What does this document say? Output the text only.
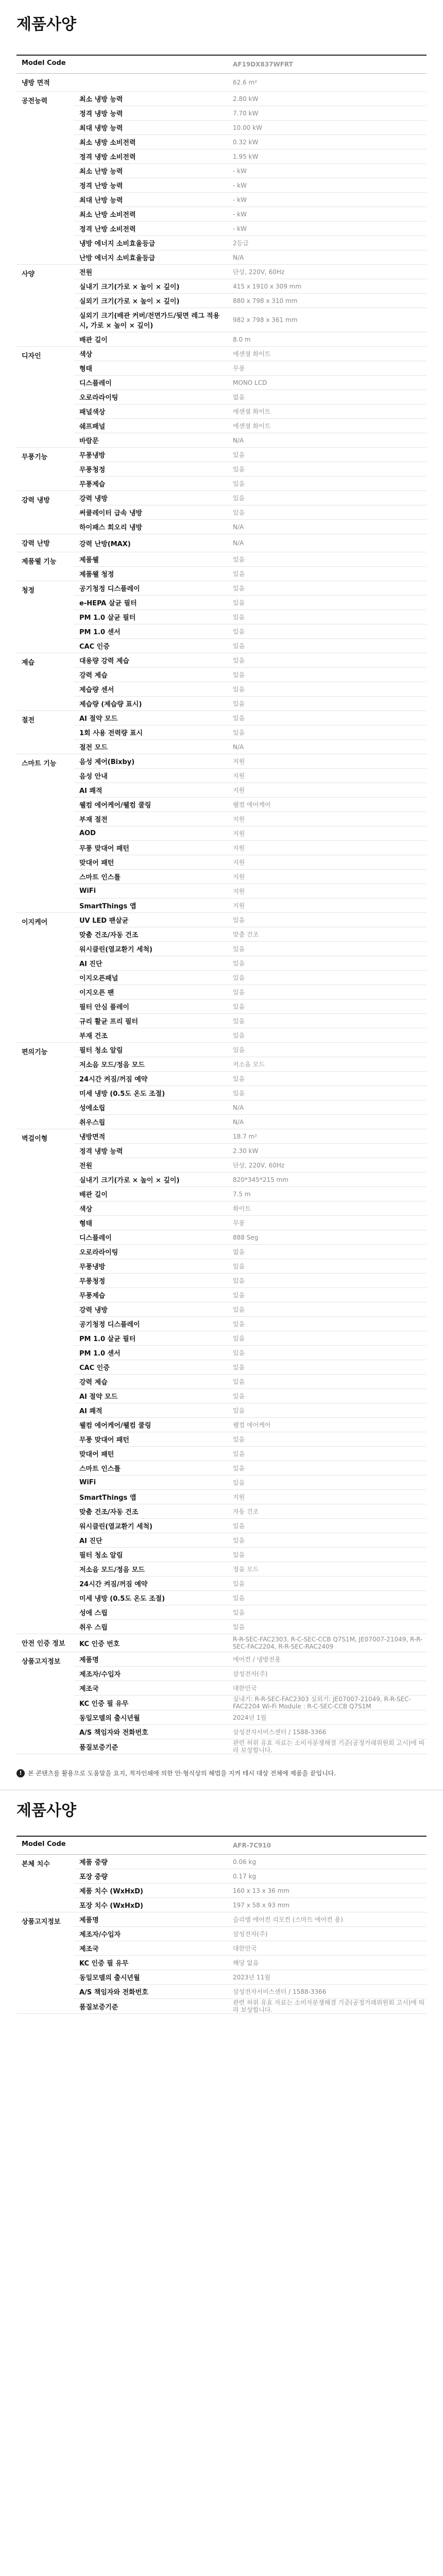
제품사양
Model Code		AF19DX837WFRT
냉방 면적		62.6 m²
공전능력	최소 냉방 능력	2.80 kW
	정격 냉방 능력	7.70 kW
	최대 냉방 능력	10.00 kW
	최소 냉방 소비전력	0.32 kW
	정격 냉방 소비전력	1.95 kW
	최소 난방 능력	- kW
	정격 난방 능력	- kW
	최대 난방 능력	- kW
	최소 난방 소비전력	- kW
	정격 난방 소비전력	- kW
	냉방 에너지 소비효율등급	2등급
	난방 에너지 소비효율등급	N/A
사양	전원	단상, 220V, 60Hz
	실내기 크기(가로 × 높이 × 깊이)	415 x 1910 x 309 mm
	실외기 크기(가로 × 높이 × 깊이)	880 x 798 x 310 mm
	실외기 크기(배관 커버/전면가드/뒷면 레그 적용 시, 가로 × 높이 × 깊이)	982 x 798 x 361 mm
	배관 길이	8.0 m
디자인	색상	에센셜 화이트
	형태	무풍
	디스플레이	MONO LCD
	오로라라이팅	없음
	패널색상	에센셜 화이트
	쉐프패널	에센셜 화이트
	바람문	N/A
무풍기능	무풍냉방	있음
	무풍청정	있음
	무풍제습	있음
강력 냉방	강력 냉방	있음
	써큘레이터 급속 냉방	있음
	하이패스 회오리 냉방	N/A
강력 난방	강력 난방(MAX)	N/A
제품웰 기능	제품웰	있음
	제품웰 청정	있음
청정	공기청정 디스플레이	있음
	e-HEPA 살균 필터	있음
	PM 1.0 살균 필터	있음
	PM 1.0 센서	있음
	CAC 인증	있음
제습	대용량 강력 제습	있음
	강력 제습	있음
	제습량 센서	있음
	제습량 (제습량 표시)	있음
절전	AI 절약 모드	있음
	1회 사용 전력량 표시	있음
	절전 모드	N/A
스마트 기능	음성 제어(Bixby)	지원
	음성 안내	지원
	AI 쾌적	지원
	웰컴 에어케어/웰컴 쿨링	웰컴 에어케어
	부재 절전	지원
	AOD	지원
	무풍 맞대어 패턴	지원
	맞대어 패턴	지원
	스마트 인스톨	지원
	WiFi	지원
	SmartThings 앱	지원
이지케어	UV LED 팬살균	있음
	맞춤 건조/자동 건조	맞춤 건조
	워시클린(열교환기 세척)	있음
	AI 진단	있음
	이지오픈패널	있음
	이지오픈 팬	있음
	필터 안심 플레이	있음
	규리 활균 프리 필터	있음
	부재 건조	있음
편의기능	필터 청소 알림	있음
	저소음 모드/정음 모드	저소음 모드
	24시간 켜짐/꺼짐 예약	있음
	미세 냉방 (0.5도 온도 조절)	있음
	성에소립	N/A
	취우스립	N/A
벽걸이형	냉방면적	18.7 m²
	정격 냉방 능력	2.30 kW
	전원	단상, 220V, 60Hz
	실내기 크기(가로 × 높이 × 깊이)	820*345*215 mm
	배관 길이	7.5 m
	색상	화이트
	형태	무풍
	디스플레이	888 Seg
	오로라라이팅	없음
	무풍냉방	있음
	무풍청정	있음
	무풍제습	있음
	강력 냉방	있음
	공기청정 디스플레이	있음
	PM 1.0 살균 필터	있음
	PM 1.0 센서	있음
	CAC 인증	있음
	강력 제습	있음
	AI 절약 모드	있음
	AI 쾌적	있음
	웰컴 에어케어/웰컴 쿨링	웰컴 에어케어
	무풍 맞대어 패턴	있음
	맞대어 패턴	있음
	스마트 인스톨	있음
	WiFi	있음
	SmartThings 앱	지원
	맞춤 건조/자동 건조	자동 건조
	워시클린(열교환기 세척)	있음
	AI 진단	있음
	필터 청소 알림	있음
	저소음 모드/정음 모드	정음 모드
	24시간 켜짐/꺼짐 예약	있음
	미세 냉방 (0.5도 온도 조절)	있음
	성에 스립	있음
	취우 스립	있음
안전 인증 정보	KC 인증 번호	R-R-SEC-FAC2303, R-C-SEC-CCB Q7S1M, JE07007-21049, R-R-SEC-FAC2204, R-R-SEC-RAC2409
상품고지정보	제품명	에어컨 / 냉방전용
	제조자/수입자	삼성전자(주)
	제조국	대한민국
	KC 인증 필 유무	실내기: R-R-SEC-FAC2303 실외기: JE07007-21049, R-R-SEC-FAC2204 Wi-Fi Module : R-C-SEC-CCB Q7S1M
	동일모델의 출시년월	2024년 1월
	A/S 책임자와 전화번호	삼성전자서비스센터 / 1588-3366
	품질보증기준	관련 허위 유효 자료는 소비자분쟁해결 기준(공정거래위원회 고시)에 따라 보상합니다.
! 본 콘텐츠를 활용으로 도움말을 요지, 적자인쇄에 의한 안·형식상의 해법을 지켜 테시 대상 전체에 제품을 끝입니다.
제품사양
Model Code		AFR-7C910
본체 치수	제품 중량	0.06 kg
	포장 중량	0.17 kg
	제품 치수 (WxHxD)	160 x 13 x 36 mm
	포장 치수 (WxHxD)	197 x 58 x 93 mm
상품고지정보	제품명	슬리엠 에어컨 리모컨 (스마트 에어컨 용)
	제조자/수입자	삼성전자(주)
	제조국	대한민국
	KC 인증 필 유무	해당 없음
	동일모델의 출시년월	2023년 11월
	A/S 책임자와 전화번호	삼성전자서비스센터 / 1588-3366
	품질보증기준	관련 허위 유효 자료는 소비자분쟁해결 기준(공정거래위원회 고시)에 따라 보상합니다.
